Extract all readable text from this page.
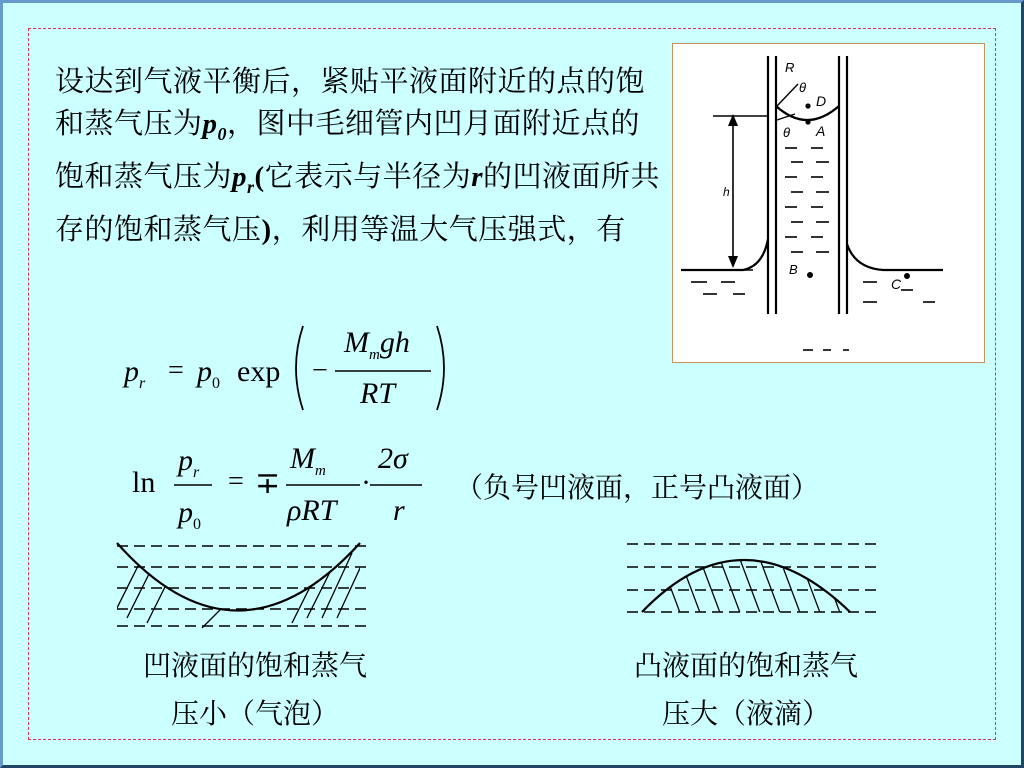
设达到气液平衡后，紧贴平液面附近的点的饱和蒸气压为$p_0$，图中毛细管内凹月面附近点的饱和蒸气压为$p_r$(它表示与半径为r的凹液面所共存的饱和蒸气压)，利用等温大气压强式，有
R
θ
D
θ A
h
B
C
$p_r = p_0$ exp −
$M_mgh$
RT
ln
$p_r$
$p_0$
= ∓
$M_m$
ρRT
·
2σ
r
（负号凹液面，正号凸液面）
凹液面的饱和蒸气
压小（气泡）
凸液面的饱和蒸气
压大（液滴）
